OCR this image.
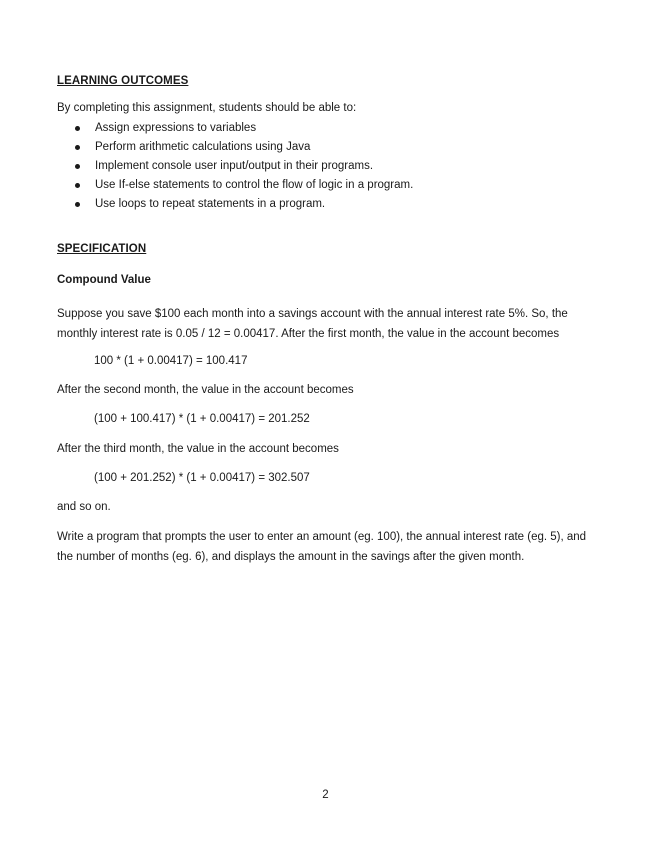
LEARNING OUTCOMES
By completing this assignment, students should be able to:
Assign expressions to variables
Perform arithmetic calculations using Java
Implement console user input/output in their programs.
Use If-else statements to control the flow of logic in a program.
Use loops to repeat statements in a program.
SPECIFICATION
Compound Value

Suppose you save $100 each month into a savings account with the annual interest rate 5%. So, the monthly interest rate is 0.05 / 12 = 0.00417. After the first month, the value in the account becomes

100 * (1 + 0.00417) = 100.417
After the second month, the value in the account becomes
(100 + 100.417) * (1 + 0.00417) = 201.252
After the third month, the value in the account becomes
(100 + 201.252) * (1 + 0.00417) = 302.507
and so on.

Write a program that prompts the user to enter an amount (eg. 100), the annual interest rate (eg. 5), and the number of months (eg. 6), and displays the amount in the savings after the given month.

2
